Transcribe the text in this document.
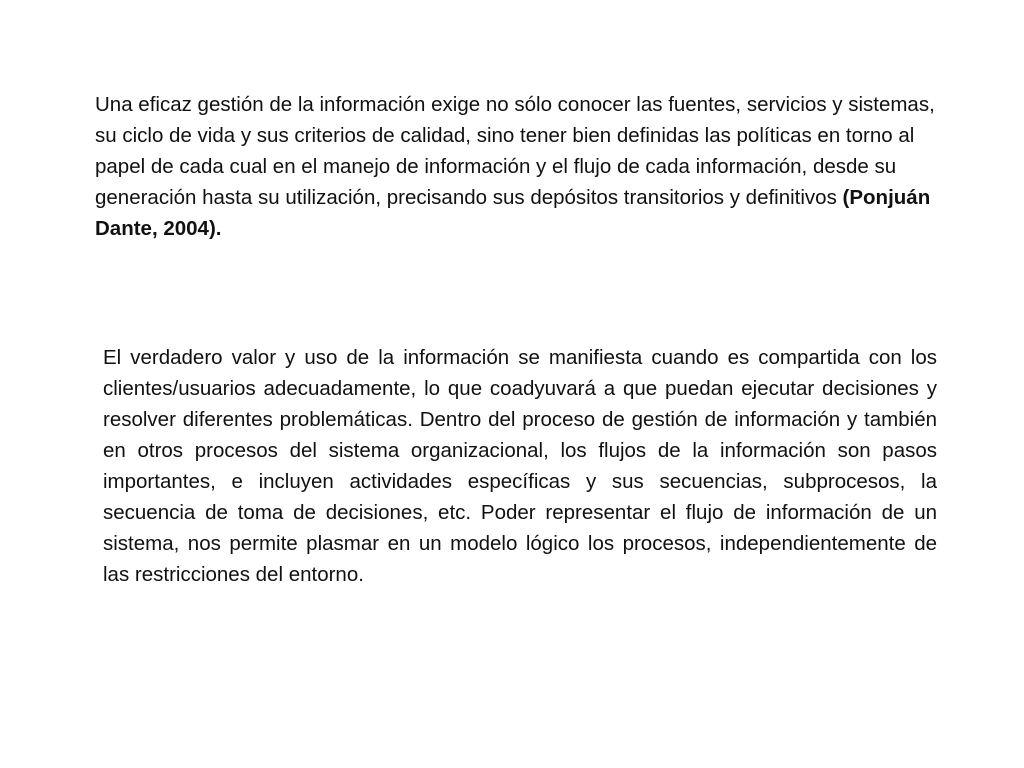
Una eficaz gestión de la información exige no sólo conocer las fuentes, servicios y sistemas, su ciclo de vida y sus criterios de calidad, sino tener bien definidas las políticas en torno al papel de cada cual en el manejo de información y el flujo de cada información, desde su generación hasta su utilización, precisando sus depósitos transitorios y definitivos (Ponjuán Dante, 2004).

El verdadero valor y uso de la información se manifiesta cuando es compartida con los clientes/usuarios adecuadamente, lo que coadyuvará a que puedan ejecutar decisiones y resolver diferentes problemáticas. Dentro del proceso de gestión de información y también en otros procesos del sistema organizacional, los flujos de la información son pasos importantes, e incluyen actividades específicas y sus secuencias, subprocesos, la secuencia de toma de decisiones, etc. Poder representar el flujo de información de un sistema, nos permite plasmar en un modelo lógico los procesos, independientemente de las restricciones del entorno.
